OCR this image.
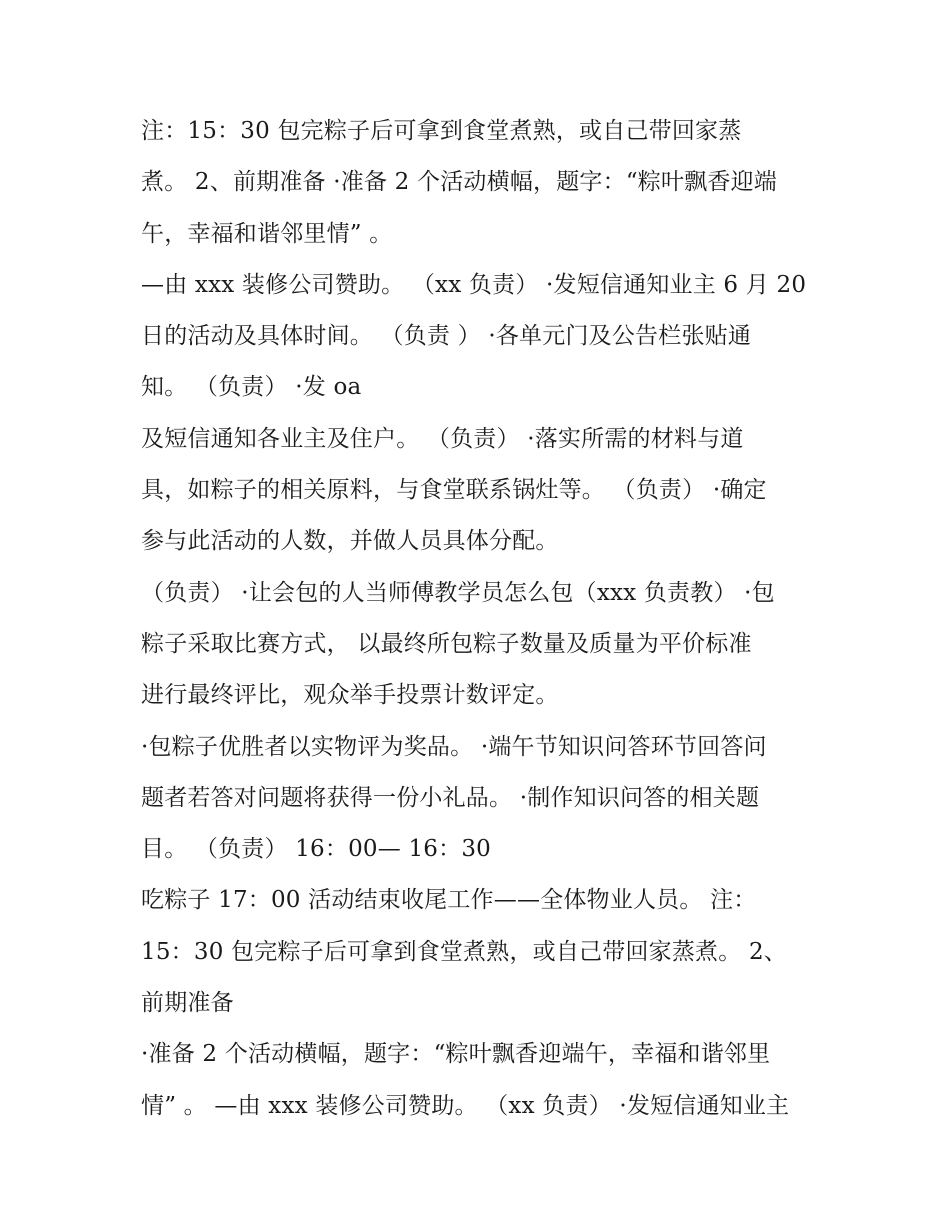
注：15：30 包完粽子后可拿到食堂煮熟，或自己带回家蒸
煮。 2、前期准备 ·准备 2 个活动横幅，题字：“粽叶飘香迎端
午，幸福和谐邻里情” 。
—由 xxx 装修公司赞助。 （xx 负责） ·发短信通知业主 6 月 20
日的活动及具体时间。 （负责 ） ·各单元门及公告栏张贴通
知。 （负责） ·发 oa
及短信通知各业主及住户。 （负责） ·落实所需的材料与道
具，如粽子的相关原料，与食堂联系锅灶等。 （负责） ·确定
参与此活动的人数，并做人员具体分配。
（负责） ·让会包的人当师傅教学员怎么包（xxx 负责教） ·包
粽子采取比赛方式， 以最终所包粽子数量及质量为平价标准
进行最终评比，观众举手投票计数评定。
·包粽子优胜者以实物评为奖品。 ·端午节知识问答环节回答问
题者若答对问题将获得一份小礼品。 ·制作知识问答的相关题
目。 （负责） 16：00— 16：30
吃粽子 17：00 活动结束收尾工作——全体物业人员。 注：
15：30 包完粽子后可拿到食堂煮熟，或自己带回家蒸煮。 2、
前期准备
·准备 2 个活动横幅，题字：“粽叶飘香迎端午，幸福和谐邻里
情” 。 —由 xxx 装修公司赞助。 （xx 负责） ·发短信通知业主
